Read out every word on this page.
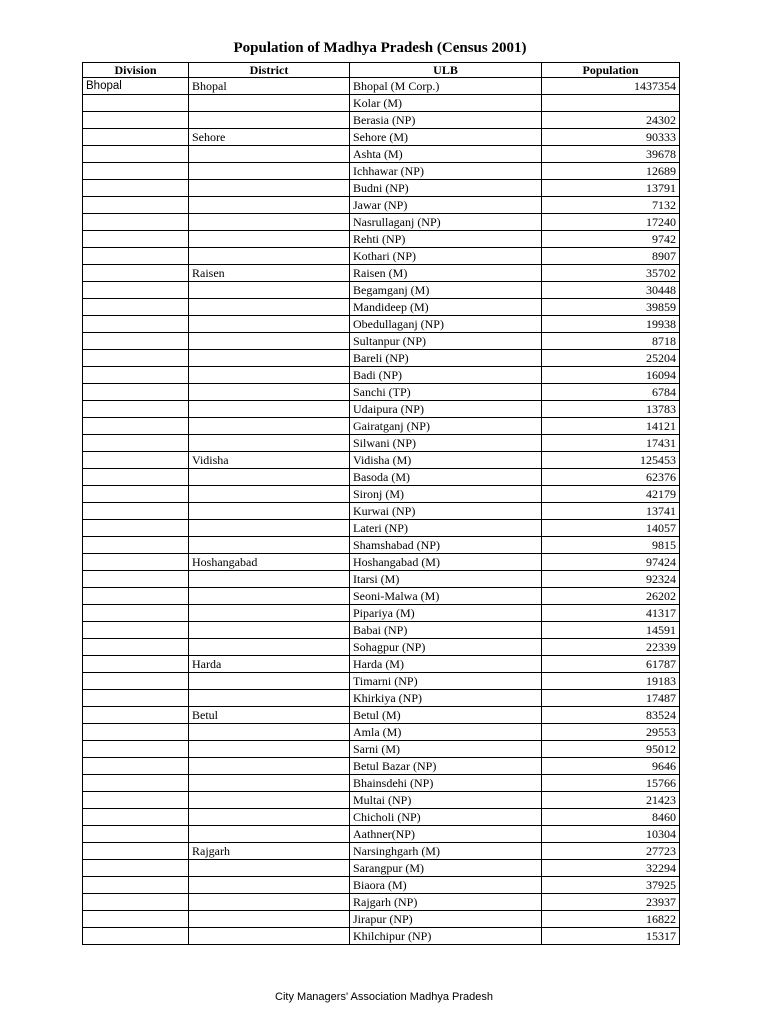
Population of Madhya Pradesh (Census 2001)
Division	District	ULB	Population
Bhopal	Bhopal	Bhopal (M Corp.)	1437354
		Kolar (M)	
		Berasia (NP)	24302
	Sehore	Sehore (M)	90333
		Ashta (M)	39678
		Ichhawar (NP)	12689
		Budni (NP)	13791
		Jawar (NP)	7132
		Nasrullaganj (NP)	17240
		Rehti (NP)	9742
		Kothari (NP)	8907
	Raisen	Raisen (M)	35702
		Begamganj (M)	30448
		Mandideep (M)	39859
		Obedullaganj (NP)	19938
		Sultanpur (NP)	8718
		Bareli (NP)	25204
		Badi (NP)	16094
		Sanchi (TP)	6784
		Udaipura (NP)	13783
		Gairatganj (NP)	14121
		Silwani (NP)	17431
	Vidisha	Vidisha (M)	125453
		Basoda (M)	62376
		Sironj (M)	42179
		Kurwai (NP)	13741
		Lateri (NP)	14057
		Shamshabad (NP)	9815
	Hoshangabad	Hoshangabad (M)	97424
		Itarsi (M)	92324
		Seoni-Malwa (M)	26202
		Pipariya (M)	41317
		Babai (NP)	14591
		Sohagpur (NP)	22339
	Harda	Harda (M)	61787
		Timarni (NP)	19183
		Khirkiya (NP)	17487
	Betul	Betul (M)	83524
		Amla (M)	29553
		Sarni (M)	95012
		Betul Bazar (NP)	9646
		Bhainsdehi (NP)	15766
		Multai (NP)	21423
		Chicholi (NP)	8460
		Aathner(NP)	10304
	Rajgarh	Narsinghgarh (M)	27723
		Sarangpur (M)	32294
		Biaora (M)	37925
		Rajgarh (NP)	23937
		Jirapur (NP)	16822
		Khilchipur (NP)	15317
City Managers' Association Madhya Pradesh
